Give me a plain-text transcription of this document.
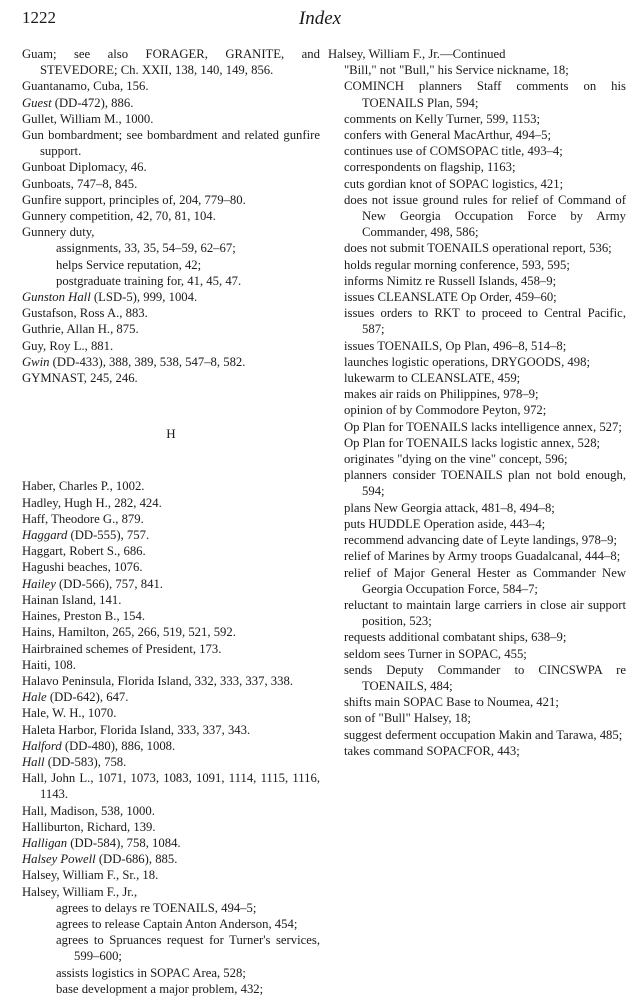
1222	Index

Guam; see also FORAGER, GRANITE, and STEVEDORE; Ch. XXII, 138, 140, 149, 856.

Guantanamo, Cuba, 156.

Guest (DD-472), 886.

Gullet, William M., 1000.

Gun bombardment; see bombardment and related gunfire support.

Gunboat Diplomacy, 46.

Gunboats, 747–8, 845.

Gunfire support, principles of, 204, 779–80.

Gunnery competition, 42, 70, 81, 104.

Gunnery duty,

assignments, 33, 35, 54–59, 62–67;

helps Service reputation, 42;

postgraduate training for, 41, 45, 47.

Gunston Hall (LSD-5), 999, 1004.

Gustafson, Ross A., 883.

Guthrie, Allan H., 875.

Guy, Roy L., 881.

Gwin (DD-433), 388, 389, 538, 547–8, 582.

GYMNAST, 245, 246.

H

Haber, Charles P., 1002.

Hadley, Hugh H., 282, 424.

Haff, Theodore G., 879.

Haggard (DD-555), 757.

Haggart, Robert S., 686.

Hagushi beaches, 1076.

Hailey (DD-566), 757, 841.

Hainan Island, 141.

Haines, Preston B., 154.

Hains, Hamilton, 265, 266, 519, 521, 592.

Hairbrained schemes of President, 173.

Haiti, 108.

Halavo Peninsula, Florida Island, 332, 333, 337, 338.

Hale (DD-642), 647.

Hale, W. H., 1070.

Haleta Harbor, Florida Island, 333, 337, 343.

Halford (DD-480), 886, 1008.

Hall (DD-583), 758.

Hall, John L., 1071, 1073, 1083, 1091, 1114, 1115, 1116, 1143.

Hall, Madison, 538, 1000.

Halliburton, Richard, 139.

Halligan (DD-584), 758, 1084.

Halsey Powell (DD-686), 885.

Halsey, William F., Sr., 18.

Halsey, William F., Jr.,

agrees to delays re TOENAILS, 494–5;

agrees to release Captain Anton Anderson, 454;

agrees to Spruances request for Turner's services, 599–600;

assists logistics in SOPAC Area, 528;

base development a major problem, 432;

Halsey, William F., Jr.—Continued

"Bill," not "Bull," his Service nickname, 18;

COMINCH planners Staff comments on his TOENAILS Plan, 594;

comments on Kelly Turner, 599, 1153;

confers with General MacArthur, 494–5;

continues use of COMSOPAC title, 493–4;

correspondents on flagship, 1163;

cuts gordian knot of SOPAC logistics, 421;

does not issue ground rules for relief of Command of New Georgia Occupation Force by Army Commander, 498, 586;

does not submit TOENAILS operational report, 536;

holds regular morning conference, 593, 595;

informs Nimitz re Russell Islands, 458–9;

issues CLEANSLATE Op Order, 459–60;

issues orders to RKT to proceed to Central Pacific, 587;

issues TOENAILS, Op Plan, 496–8, 514–8;

launches logistic operations, DRYGOODS, 498;

lukewarm to CLEANSLATE, 459;

makes air raids on Philippines, 978–9;

opinion of by Commodore Peyton, 972;

Op Plan for TOENAILS lacks intelligence annex, 527;

Op Plan for TOENAILS lacks logistic annex, 528;

originates "dying on the vine" concept, 596;

planners consider TOENAILS plan not bold enough, 594;

plans New Georgia attack, 481–8, 494–8;

puts HUDDLE Operation aside, 443–4;

recommend advancing date of Leyte landings, 978–9;

relief of Marines by Army troops Guadalcanal, 444–8;

relief of Major General Hester as Commander New Georgia Occupation Force, 584–7;

reluctant to maintain large carriers in close air support position, 523;

requests additional combatant ships, 638–9;

seldom sees Turner in SOPAC, 455;

sends Deputy Commander to CINCSWPA re TOENAILS, 484;

shifts main SOPAC Base to Noumea, 421;

son of "Bull" Halsey, 18;

suggest deferment occupation Makin and Tarawa, 485;

takes command SOPACFOR, 443;
